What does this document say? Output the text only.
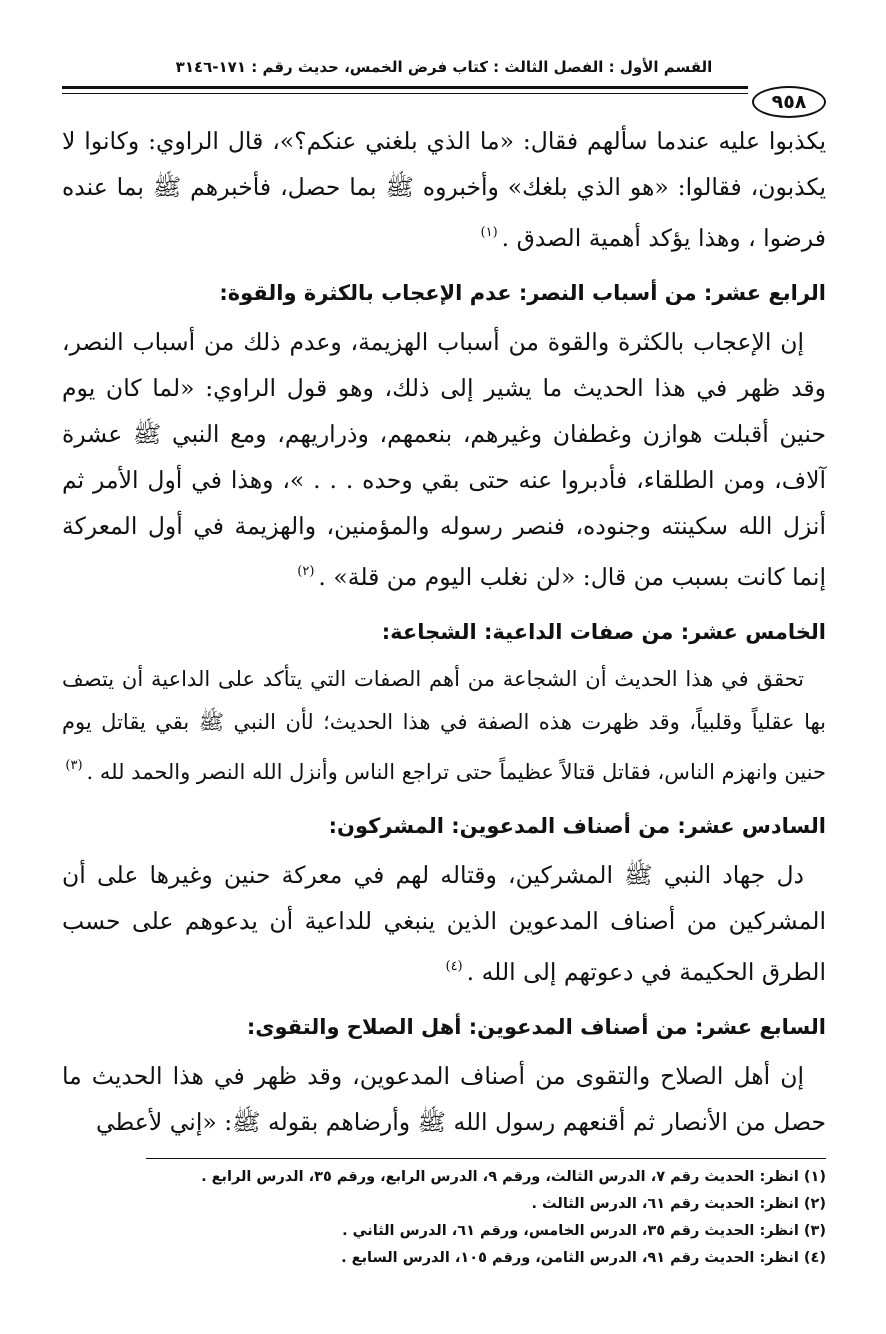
القسم الأول : الفصل الثالث : كتاب فرض الخمس، حديث رقم : ١٧١-٣١٤٦
٩٥٨

يكذبوا عليه عندما سألهم فقال: «ما الذي بلغني عنكم؟»، قال الراوي: وكانوا لا يكذبون، فقالوا: «هو الذي بلغك» وأخبروه ﷺ بما حصل، فأخبرهم ﷺ بما عنده فرضوا ، وهذا يؤكد أهمية الصدق .$^{(١)}$

الرابع عشر: من أسباب النصر: عدم الإعجاب بالكثرة والقوة:

إن الإعجاب بالكثرة والقوة من أسباب الهزيمة، وعدم ذلك من أسباب النصر، وقد ظهر في هذا الحديث ما يشير إلى ذلك، وهو قول الراوي: «لما كان يوم حنين أقبلت هوازن وغطفان وغيرهم، بنعمهم، وذراريهم، ومع النبي ﷺ عشرة آلاف، ومن الطلقاء، فأدبروا عنه حتى بقي وحده . . . »، وهذا في أول الأمر ثم أنزل الله سكينته وجنوده، فنصر رسوله والمؤمنين، والهزيمة في أول المعركة إنما كانت بسبب من قال: «لن نغلب اليوم من قلة» .$^{(٢)}$

الخامس عشر: من صفات الداعية: الشجاعة:

تحقق في هذا الحديث أن الشجاعة من أهم الصفات التي يتأكد على الداعية أن يتصف بها عقلياً وقلبياً، وقد ظهرت هذه الصفة في هذا الحديث؛ لأن النبي ﷺ بقي يقاتل يوم حنين وانهزم الناس، فقاتل قتالاً عظيماً حتى تراجع الناس وأنزل الله النصر والحمد لله .$^{(٣)}$

السادس عشر: من أصناف المدعوين: المشركون:

دل جهاد النبي ﷺ المشركين، وقتاله لهم في معركة حنين وغيرها على أن المشركين من أصناف المدعوين الذين ينبغي للداعية أن يدعوهم على حسب الطرق الحكيمة في دعوتهم إلى الله .$^{(٤)}$

السابع عشر: من أصناف المدعوين: أهل الصلاح والتقوى:

إن أهل الصلاح والتقوى من أصناف المدعوين، وقد ظهر في هذا الحديث ما حصل من الأنصار ثم أقنعهم رسول الله ﷺ وأرضاهم بقوله ﷺ: «إني لأعطي

(١) انظر: الحديث رقم ٧، الدرس الثالث، ورقم ٩، الدرس الرابع، ورقم ٣٥، الدرس الرابع .

(٢) انظر: الحديث رقم ٦١، الدرس الثالث .

(٣) انظر: الحديث رقم ٣٥، الدرس الخامس، ورقم ٦١، الدرس الثاني .

(٤) انظر: الحديث رقم ٩١، الدرس الثامن، ورقم ١٠٥، الدرس السابع .
